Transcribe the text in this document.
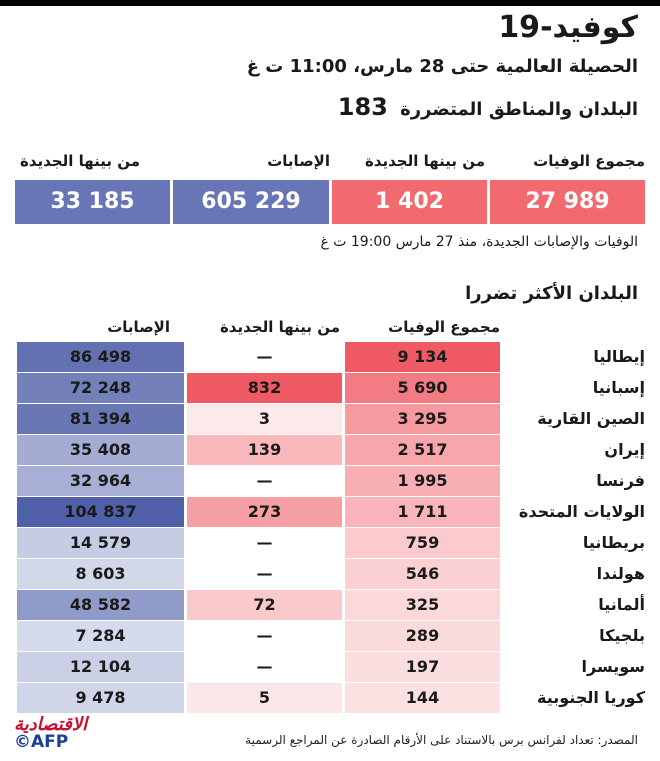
كوفيد-19
الحصيلة العالمية حتى 28 مارس، 11:00 ت غ
البلدان والمناطق المتضررة 183
مجموع الوفيات
من بينها الجديدة
الإصابات
من بينها الجديدة
27 989
1 402
605 229
33 185
الوفيات والإصابات الجديدة، منذ 27 مارس 19:00 ت غ
البلدان الأكثر تضررا
مجموع الوفيات
من بينها الجديدة
الإصابات
إيطاليا
9 134
—
86 498
إسبانيا
5 690
832
72 248
الصين القارية
3 295
3
81 394
إيران
2 517
139
35 408
فرنسا
1 995
—
32 964
الولايات المتحدة
1 711
273
104 837
بريطانيا
759
—
14 579
هولندا
546
—
8 603
ألمانيا
325
72
48 582
بلجيكا
289
—
7 284
سويسرا
197
—
12 104
كوريا الجنوبية
144
5
9 478
المصدر: تعداد لفرانس برس بالاستناد على الأرقام الصادرة عن المراجع الرسمية
الاقتصادية
©AFP
